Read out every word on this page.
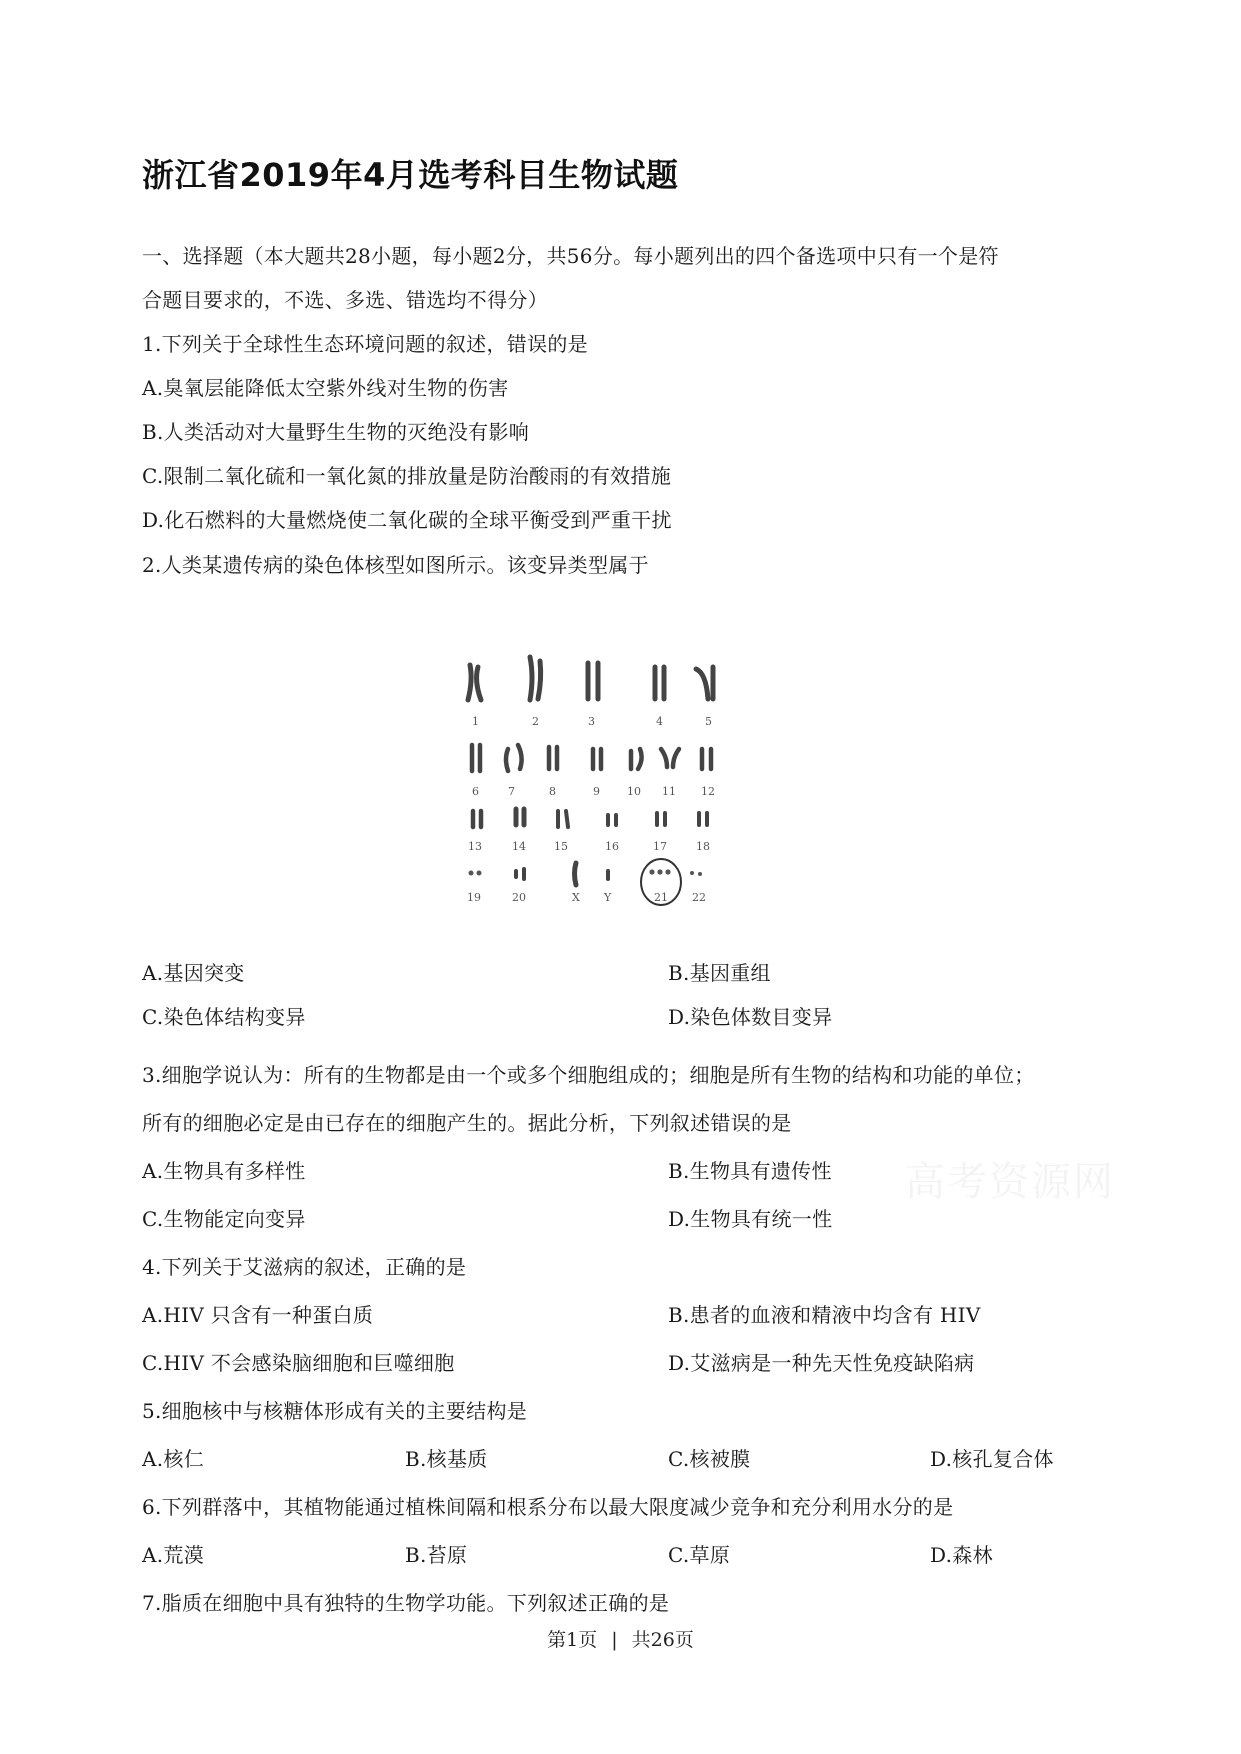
浙江省2019年4月选考科目生物试题
一、选择题（本大题共28小题，每小题2分，共56分。每小题列出的四个备选项中只有一个是符
合题目要求的，不选、多选、错选均不得分）
1.下列关于全球性生态环境问题的叙述，错误的是
A.臭氧层能降低太空紫外线对生物的伤害
B.人类活动对大量野生生物的灭绝没有影响
C.限制二氧化硫和一氧化氮的排放量是防治酸雨的有效措施
D.化石燃料的大量燃烧使二氧化碳的全球平衡受到严重干扰
2.人类某遗传病的染色体核型如图所示。该变异类型属于
1	2	3	4	5
6	7	8	9 10 11 12
13	14	15	16	17	18
19	20	X Y	21 22
A.基因突变	B.基因重组
C.染色体结构变异	D.染色体数目变异
3.细胞学说认为：所有的生物都是由一个或多个细胞组成的；细胞是所有生物的结构和功能的单位；
所有的细胞必定是由已存在的细胞产生的。据此分析，下列叙述错误的是
A.生物具有多样性	B.生物具有遗传性
C.生物能定向变异	D.生物具有统一性
高考资源网
4.下列关于艾滋病的叙述，正确的是
A.HIV 只含有一种蛋白质	B.患者的血液和精液中均含有 HIV
C.HIV 不会感染脑细胞和巨噬细胞	D.艾滋病是一种先天性免疫缺陷病
5.细胞核中与核糖体形成有关的主要结构是
A.核仁	B.核基质	C.核被膜	D.核孔复合体
6.下列群落中，其植物能通过植株间隔和根系分布以最大限度减少竞争和充分利用水分的是
A.荒漠	B.苔原	C.草原	D.森林
7.脂质在细胞中具有独特的生物学功能。下列叙述正确的是
第1页 | 共26页
